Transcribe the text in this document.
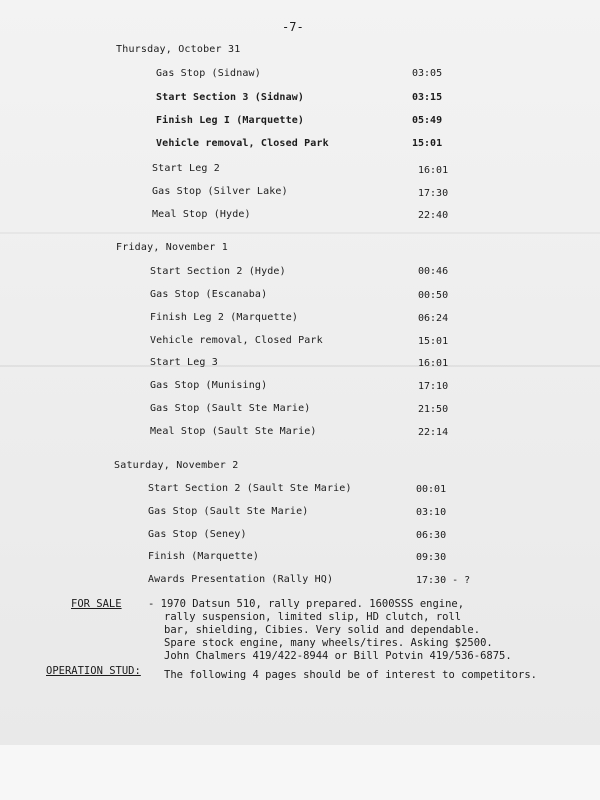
-7-
Thursday, October 31
Gas Stop (Sidnaw)	03:05
Start Section 3 (Sidnaw)	03:15
Finish Leg I (Marquette)	05:49
Vehicle removal, Closed Park	15:01
Start Leg 2	16:01
Gas Stop (Silver Lake)	17:30
Meal Stop (Hyde)	22:40
Friday, November 1
Start Section 2 (Hyde)	00:46
Gas Stop (Escanaba)	00:50
Finish Leg 2 (Marquette)	06:24
Vehicle removal, Closed Park	15:01
Start Leg 3	16:01
Gas Stop (Munising)	17:10
Gas Stop (Sault Ste Marie)	21:50
Meal Stop (Sault Ste Marie)	22:14
Saturday, November 2
Start Section 2 (Sault Ste Marie)	00:01
Gas Stop (Sault Ste Marie)	03:10
Gas Stop (Seney)	06:30
Finish (Marquette)	09:30
Awards Presentation (Rally HQ)	17:30 - ?
FOR SALE	- 1970 Datsun 510, rally prepared. 1600SSS engine,
rally suspension, limited slip, HD clutch, roll
bar, shielding, Cibies. Very solid and dependable.
Spare stock engine, many wheels/tires. Asking $2500.
John Chalmers 419/422-8944 or Bill Potvin 419/536-6875.
OPERATION STUD: The following 4 pages should be of interest to competitors.
